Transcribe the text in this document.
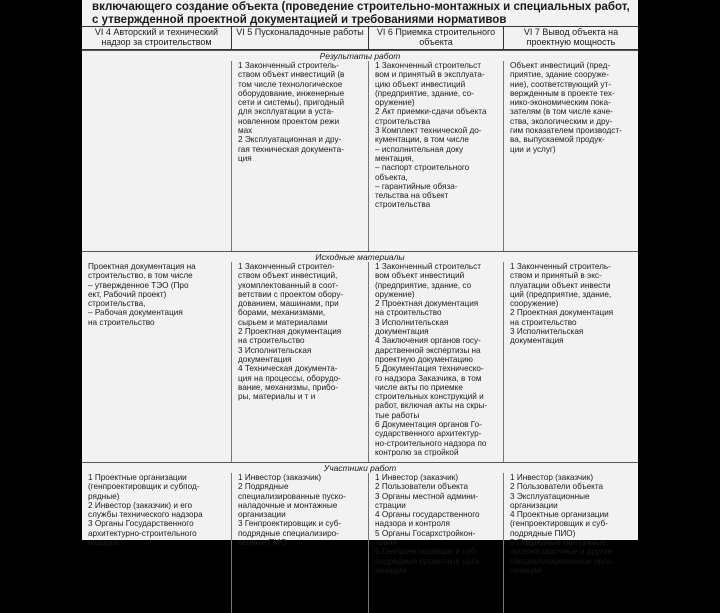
включающего создание объекта (проведение строительно-монтажных и специальных работ,
с утвержденной проектной документацией и требованиями нормативов
VI 4 Авторский и технический надзор за строительством
VI 5 Пусконаладочные работы	VI 6 Приемка строительного объекта
VI 7 Вывод объекта на проектную мощность
Результаты работ
1 Законченный строитель-
ством объект инвестиций (в
том числе технологическое
оборудование, инженерные
сети и системы), пригодный
для эксплуатации в уста-
новленном проектом режи
мах
2 Эксплуатационная и дру-
гая техническая документа-
ция
1 Законченный строительст
вом и принятый в эксплуата-
цию объект инвестиций
(предприятие, здание, со-
оружение)
2 Акт приемки-сдачи объекта
строительства
3 Комплект технической до-
кументации, в том числе
– исполнительная доку
ментация,
– паспорт строительного
объекта,
– гарантийные обяза-
тельства на объект
строительства
Объект инвестиций (пред-
приятие, здание сооруже-
ние), соответствующий ут-
вержденным в проекте тех-
нико-экономическим пока-
зателям (в том числе каче-
ства, экологическим и дру-
гим показателем производст-
ва, выпускаемой продук-
ции и услуг)
Исходные материалы
Проектная документация на
строительство, в том числе
– утвержденное ТЭО (Про
ект, Рабочий проект)
строительства,
– Рабочая документация
на строительство
1 Законченный строител-
ством объект инвестиций,
укомплектованный в соот-
ветствии с проектом обору-
дованием, машинами, при
борами, механизмами,
сырьем и материалами
2 Проектная документация
на строительство
3 Исполнительская
документация
4 Техническая документа-
ция на процессы, оборудо-
вание, механизмы, прибо-
ры, материалы и т и
1 Законченный строительст
вом объект инвестиций
(предприятие, здание, со
оружение)
2 Проектная документация
на строительство
3 Исполнительская
документация
4 Заключения органов госу-
дарственной экспертизы на
проектную документацию
5 Документация техническо-
го надзора Заказчика, в том
числе акты по приемке
строительных конструкций и
работ, включая акты на скры-
тые работы
6 Документация органов Го-
сударственного архитектур-
но-строительного надзора по
контролю за стройкой
1 Законченный строитель-
ством и принятый в экс-
плуатации объект инвести
ций (предприятие, здание,
сооружение)
2 Проектная документация
на строительство
3 Исполнительская
документация
Участники работ
1 Проектные организации
(генпроектировщик и субпод-
рядные)
2 Инвестор (заказчик) и его
службы технического надзора
3 Органы Государственного
архитектурно-строительного
надзора
1 Инвестор (заказчик)
2 Подрядные
специализированные пуско-
наладочные и монтажные
организации
3 Генпроектировщик и суб-
подрядные специализиро-
ванные ПИО
1 Инвестор (заказчик)
2 Пользователи объекта
3 Органы местной админи-
страции
4 Органы государственного
надзора и контроля
5 Органы Госархстройкон-
троля
6 Генпроектировщик и суб-
подрядные проектные орга-
низации
1 Инвестор (заказчик)
2 Пользователи объекта
3 Эксплуатационные
организации
4 Проектные организации
(генпроектировщик и суб-
подрядные ПИО)
5 Подрядные монтажные,
пусконаладочные и другие
специализированные орга-
низации
